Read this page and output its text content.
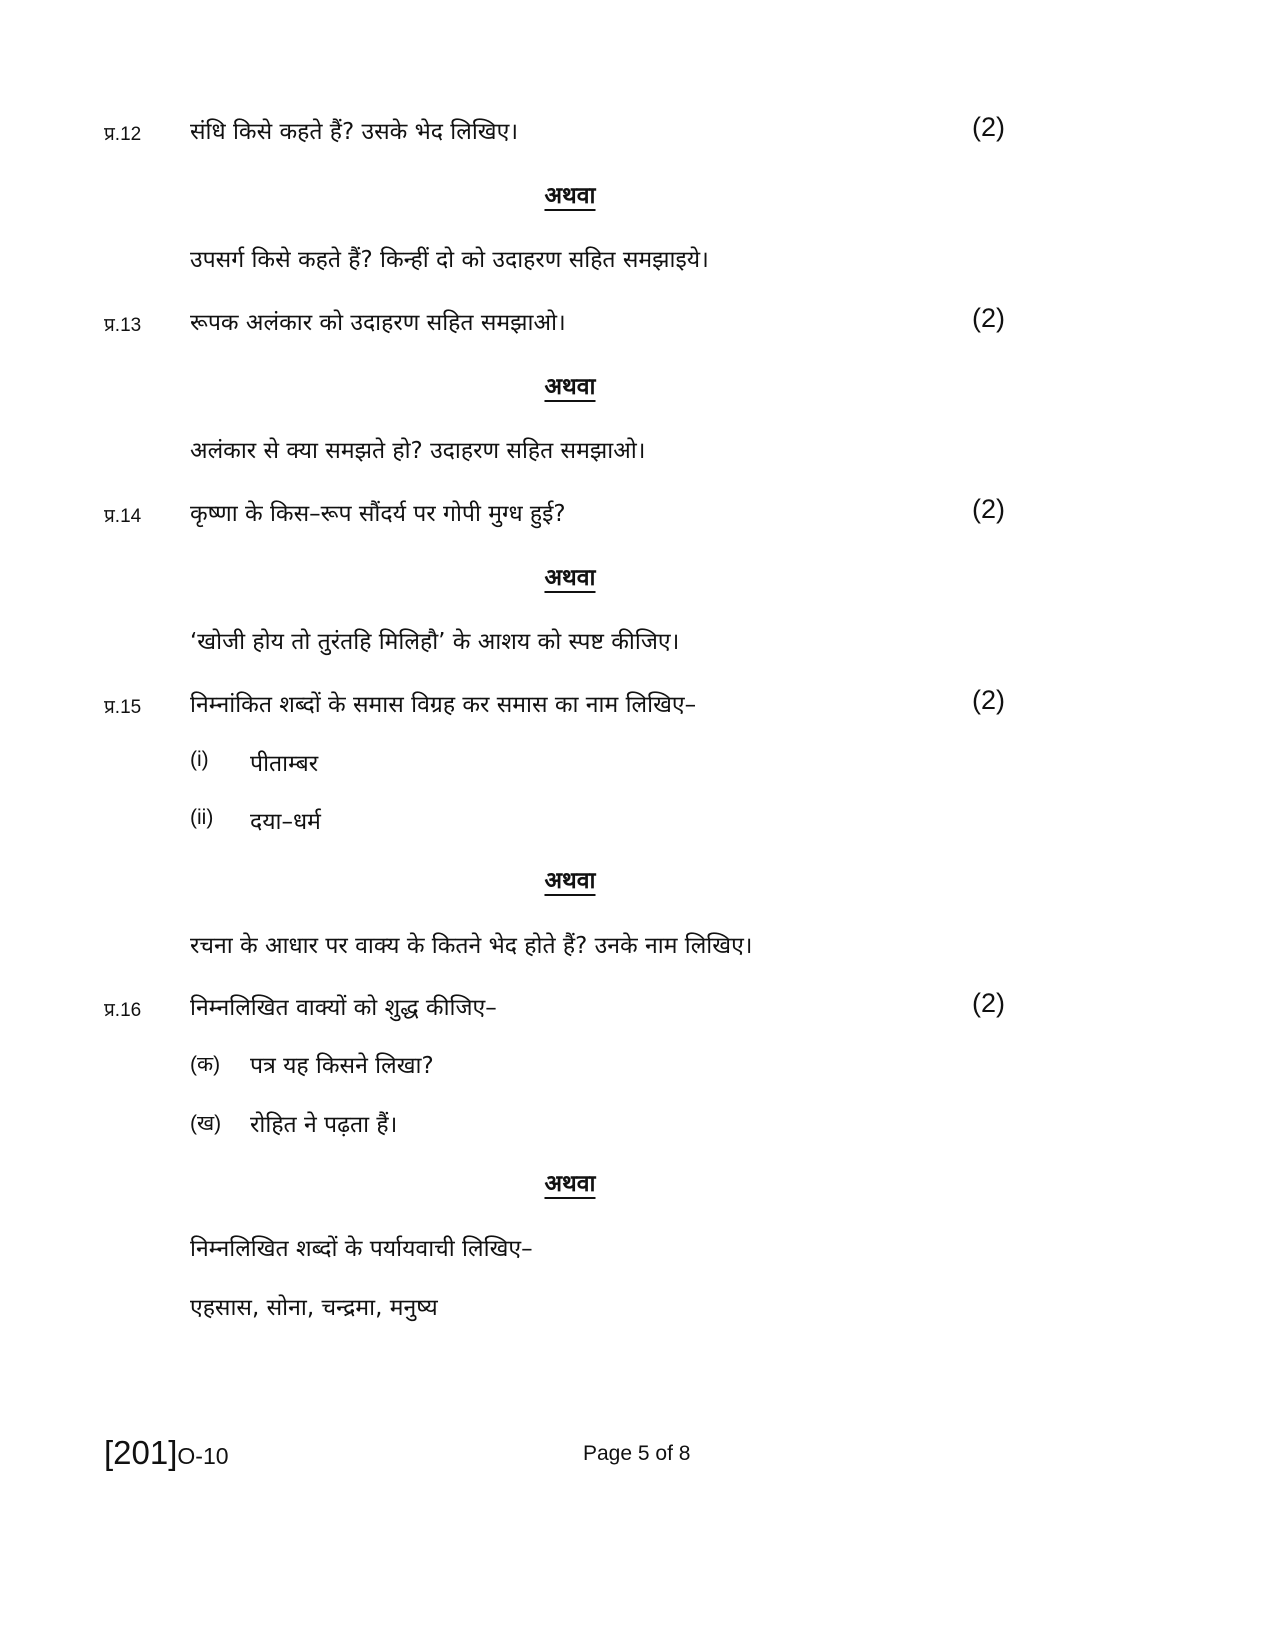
प्र.12 संधि किसे कहते हैं? उसके भेद लिखिए।	(2)
अथवा
उपसर्ग किसे कहते हैं? किन्हीं दो को उदाहरण सहित समझाइये।
प्र.13 रूपक अलंकार को उदाहरण सहित समझाओ।	(2)
अथवा
अलंकार से क्या समझते हो? उदाहरण सहित समझाओ।
प्र.14 कृष्णा के किस–रूप सौंदर्य पर गोपी मुग्ध हुई?	(2)
अथवा
‘खोजी होय तो तुरंतहि मिलिहौ’ के आशय को स्पष्ट कीजिए।
प्र.15 निम्नांकित शब्दों के समास विग्रह कर समास का नाम लिखिए–	(2)
(i) पीताम्बर
(ii) दया–धर्म
अथवा
रचना के आधार पर वाक्य के कितने भेद होते हैं? उनके नाम लिखिए।
प्र.16 निम्नलिखित वाक्यों को शुद्ध कीजिए–	(2)
(क) पत्र यह किसने लिखा?
(ख) रोहित ने पढ़ता हैं।
अथवा
निम्नलिखित शब्दों के पर्यायवाची लिखिए–
एहसास, सोना, चन्द्रमा, मनुष्य
[201]O-10	Page 5 of 8
